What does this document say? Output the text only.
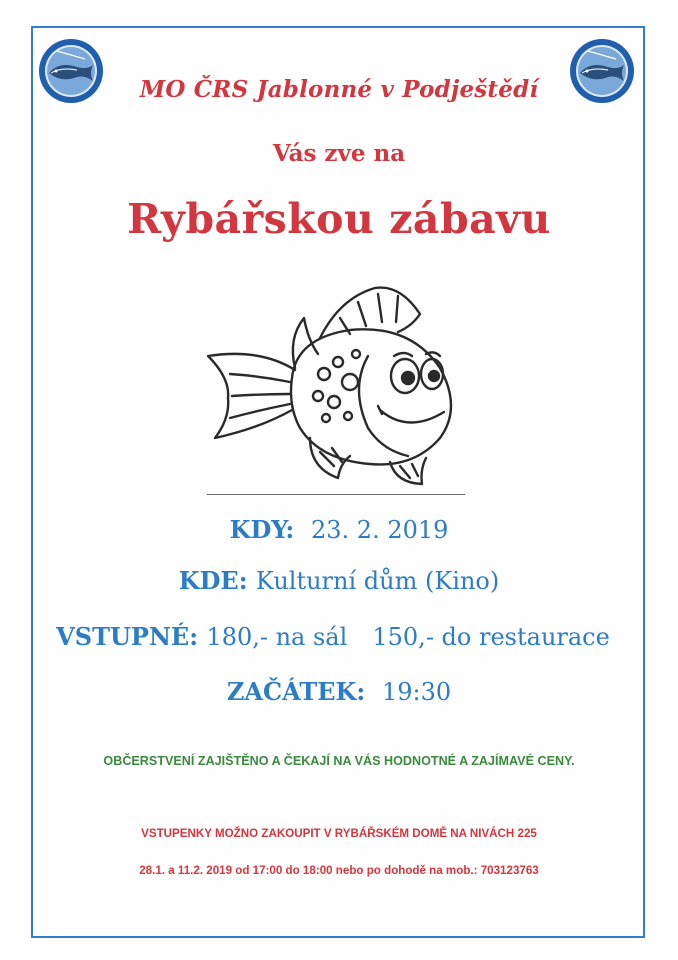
MO ČRS Jablonné v Podještědí
Vás zve na
Rybářskou zábavu
KDY: 23. 2. 2019
KDE: Kulturní dům (Kino)
VSTUPNÉ: 180,- na sál 150,- do restaurace
ZAČÁTEK: 19:30
OBČERSTVENÍ ZAJIŠTĚNO A ČEKAJÍ NA VÁS HODNOTNÉ A ZAJÍMAVÉ CENY.
VSTUPENKY MOŽNO ZAKOUPIT V RYBÁŘSKÉM DOMĚ NA NIVÁCH 225
28.1. a 11.2. 2019 od 17:00 do 18:00 nebo po dohodě na mob.: 703123763
